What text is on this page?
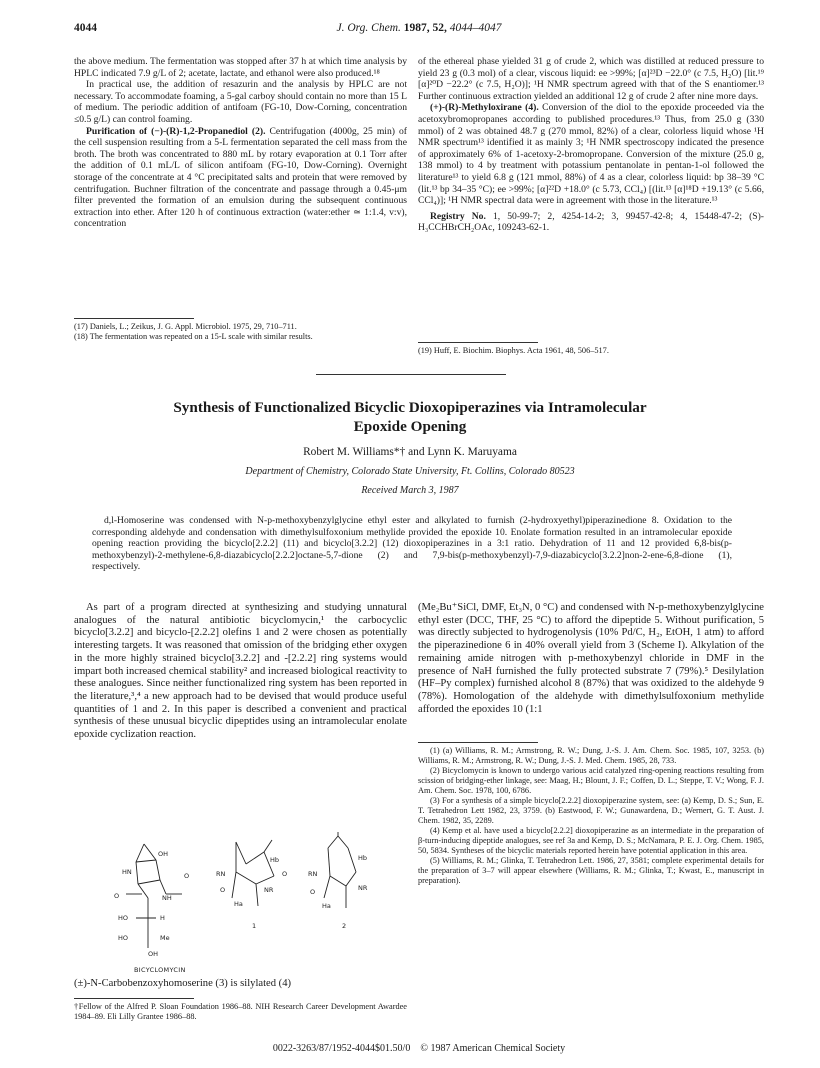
4044	J. Org. Chem. 1987, 52, 4044–4047

the above medium. The fermentation was stopped after 37 h at which time analysis by HPLC indicated 7.9 g/L of 2; acetate, lactate, and ethanol were also produced.¹⁸

In practical use, the addition of resazurin and the analysis by HPLC are not necessary. To accommodate foaming, a 5-gal carboy should contain no more than 15 L of medium. The periodic addition of antifoam (FG-10, Dow-Corning, concentration ≤0.5 g/L) can control foaming.

Purification of (−)-(R)-1,2-Propanediol (2). Centrifugation (4000g, 25 min) of the cell suspension resulting from a 5-L fermentation separated the cell mass from the broth. The broth was concentrated to 880 mL by rotary evaporation at 0.1 Torr after the addition of 0.1 mL/L of silicon antifoam (FG-10, Dow-Corning). Overnight storage of the concentrate at 4 °C precipitated salts and protein that were removed by centrifugation. Buchner filtration of the concentrate and passage through a 0.45-μm filter prevented the formation of an emulsion during the subsequent continuous extraction into ether. After 120 h of continuous extraction (water:ether ≃ 1:1.4, v:v), concentration

(17) Daniels, L.; Zeikus, J. G. Appl. Microbiol. 1975, 29, 710–711.

(18) The fermentation was repeated on a 15-L scale with similar results.

of the ethereal phase yielded 31 g of crude 2, which was distilled at reduced pressure to yield 23 g (0.3 mol) of a clear, viscous liquid: ee >99%; [α]²³D −22.0° (c 7.5, H₂O) [lit.¹⁹ [α]²⁰D −22.2° (c 7.5, H₂O)]; ¹H NMR spectrum agreed with that of the S enantiomer.¹³ Further continuous extraction yielded an additional 12 g of crude 2 after nine more days.

(+)-(R)-Methyloxirane (4). Conversion of the diol to the epoxide proceeded via the acetoxybromopropanes according to published procedures.¹³ Thus, from 25.0 g (330 mmol) of 2 was obtained 48.7 g (270 mmol, 82%) of a clear, colorless liquid whose ¹H NMR spectrum¹³ identified it as mainly 3; ¹H NMR spectroscopy indicated the presence of approximately 6% of 1-acetoxy-2-bromopropane. Conversion of the mixture (25.0 g, 138 mmol) to 4 by treatment with potassium pentanolate in pentan-1-ol followed the literature¹³ to yield 6.8 g (121 mmol, 88%) of 4 as a clear, colorless liquid: bp 38–39 °C (lit.¹³ bp 34–35 °C); ee >99%; [α]²²D +18.0° (c 5.73, CCl₄) [(lit.¹³ [α]¹⁸D +19.13° (c 5.66, CCl₄)]; ¹H NMR spectral data were in agreement with those in the literature.¹³

Registry No. 1, 50-99-7; 2, 4254-14-2; 3, 99457-42-8; 4, 15448-47-2; (S)-H₃CCHBrCH₂OAc, 109243-62-1.

(19) Huff, E. Biochim. Biophys. Acta 1961, 48, 506–517.

Synthesis of Functionalized Bicyclic Dioxopiperazines via Intramolecular
Epoxide Opening
Robert M. Williams*† and Lynn K. Maruyama
Department of Chemistry, Colorado State University, Ft. Collins, Colorado 80523
Received March 3, 1987
d,l-Homoserine was condensed with N-p-methoxybenzylglycine ethyl ester and alkylated to furnish (2-hydroxyethyl)piperazinedione 8. Oxidation to the corresponding aldehyde and condensation with dimethylsulfoxonium methylide provided the epoxide 10. Enolate formation resulted in an intramolecular epoxide opening reaction providing the bicyclo[2.2.2] (11) and bicyclo[3.2.2] (12) dioxopiperazines in a 3:1 ratio. Dehydration of 11 and 12 provided 6,8-bis(p-methoxybenzyl)-2-methylene-6,8-diazabicyclo[2.2.2]octane-5,7-dione (2) and 7,9-bis(p-methoxybenzyl)-7,9-diazabicyclo[3.2.2]non-2-ene-6,8-dione (1), respectively.

As part of a program directed at synthesizing and studying unnatural analogues of the natural antibiotic bicyclomycin,¹ the carbocyclic bicyclo[3.2.2] and bicyclo-[2.2.2] olefins 1 and 2 were chosen as potentially interesting targets. It was reasoned that omission of the bridging ether oxygen in the more highly strained bicyclo[3.2.2] and -[2.2.2] ring systems would impart both increased chemical stability² and increased biological reactivity to these analogues. Since neither functionalized ring system has been reported in the literature,³,⁴ a new approach had to be devised that would produce useful quantities of 1 and 2. In this paper is described a convenient and practical synthesis of these unusual bicyclic dipeptides using an intramolecular enolate epoxide cyclization reaction.

OH
HN	O
NH
O
HO	H
HO	Me
OH
RN
Hb
O
NR
O
Ha
1
RN
Hb
NR
O
Ha
2
BICYCLOMYCIN
(±)-N-Carbobenzoxyhomoserine (3) is silylated (4)
†Fellow of the Alfred P. Sloan Foundation 1986–88. NIH Research Career Development Awardee 1984–89. Eli Lilly Grantee 1986–88.

(Me₂Bu⁺SiCl, DMF, Et₃N, 0 °C) and condensed with N-p-methoxybenzylglycine ethyl ester (DCC, THF, 25 °C) to afford the dipeptide 5. Without purification, 5 was directly subjected to hydrogenolysis (10% Pd/C, H₂, EtOH, 1 atm) to afford the piperazinedione 6 in 40% overall yield from 3 (Scheme I). Alkylation of the remaining amide nitrogen with p-methoxybenzyl chloride in DMF in the presence of NaH furnished the fully protected substrate 7 (79%).⁵ Desilylation (HF–Py complex) furnished alcohol 8 (87%) that was oxidized to the aldehyde 9 (78%). Homologation of the aldehyde with dimethylsulfoxonium methylide afforded the epoxides 10 (1:1

(1) (a) Williams, R. M.; Armstrong, R. W.; Dung, J.-S. J. Am. Chem. Soc. 1985, 107, 3253. (b) Williams, R. M.; Armstrong, R. W.; Dung, J.-S. J. Med. Chem. 1985, 28, 733.

(2) Bicyclomycin is known to undergo various acid catalyzed ring-opening reactions resulting from scission of bridging-ether linkage, see: Maag, H.; Blount, J. F.; Coffen, D. L.; Steppe, T. V.; Wong, F. J. Am. Chem. Soc. 1978, 100, 6786.

(3) For a synthesis of a simple bicyclo[2.2.2] dioxopiperazine system, see: (a) Kemp, D. S.; Sun, E. T. Tetrahedron Lett 1982, 23, 3759. (b) Eastwood, F. W.; Gunawardena, D.; Wernert, G. T. Aust. J. Chem. 1982, 35, 2289.

(4) Kemp et al. have used a bicyclo[2.2.2] dioxopiperazine as an intermediate in the preparation of β-turn-inducing dipeptide analogues, see ref 3a and Kemp, D. S.; McNamara, P. E. J. Org. Chem. 1985, 50, 5834. Syntheses of the bicyclic materials reported herein have potential application in this area.

(5) Williams, R. M.; Glinka, T. Tetrahedron Lett. 1986, 27, 3581; complete experimental details for the preparation of 3–7 will appear elsewhere (Williams, R. M.; Glinka, T.; Kwast, E., manuscript in preparation).

0022-3263/87/1952-4044$01.50/0 © 1987 American Chemical Society
